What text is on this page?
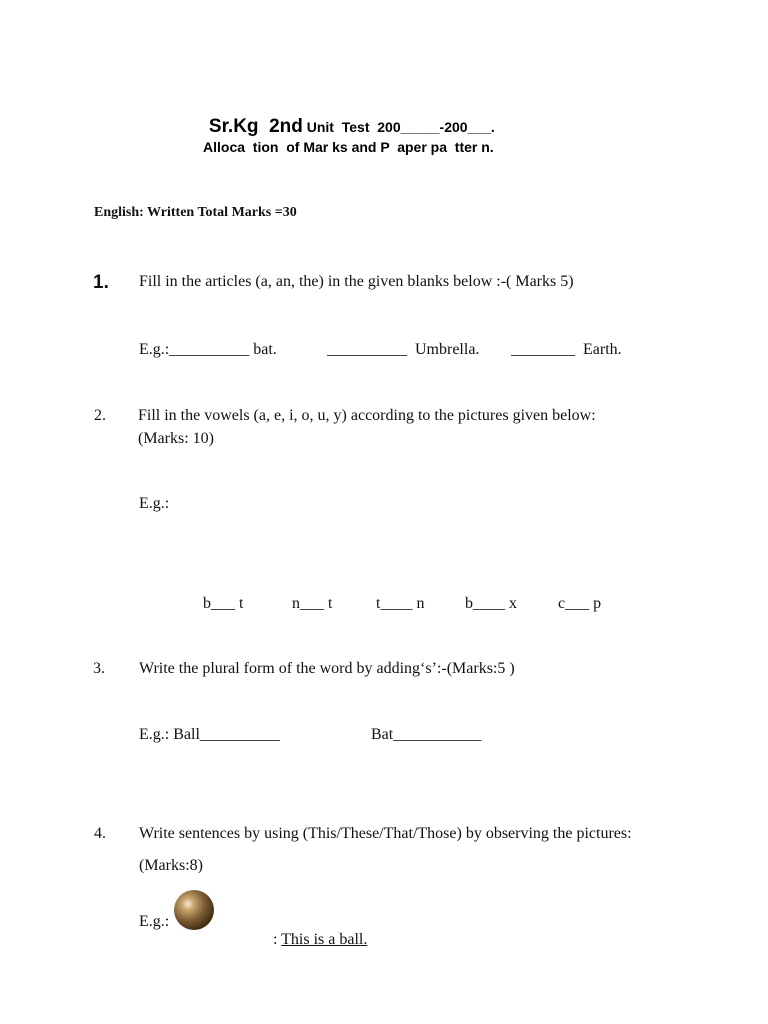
Sr.Kg  2nd Unit  Test  200_____-200___.

Alloca  tion  of Mar ks and P  aper pa  tter n.
English: Written Total Marks =30
1. Fill in the articles (a, an, the) in the given blanks below :-( Marks 5)
E.g.:__________ bat.	__________  Umbrella. ________  Earth.
2. Fill in the vowels (a, e, i, o, u, y) according to the pictures given below:
(Marks: 10)
E.g.:
b___ t	n___ t	t____ n	b____ x	c___ p
3. Write the plural form of the word by adding‘s’:-(Marks:5 )
E.g.: Ball__________	Bat___________
4. Write sentences by using (This/These/That/Those) by observing the pictures:
(Marks:8)
E.g.:

: This is a ball.
